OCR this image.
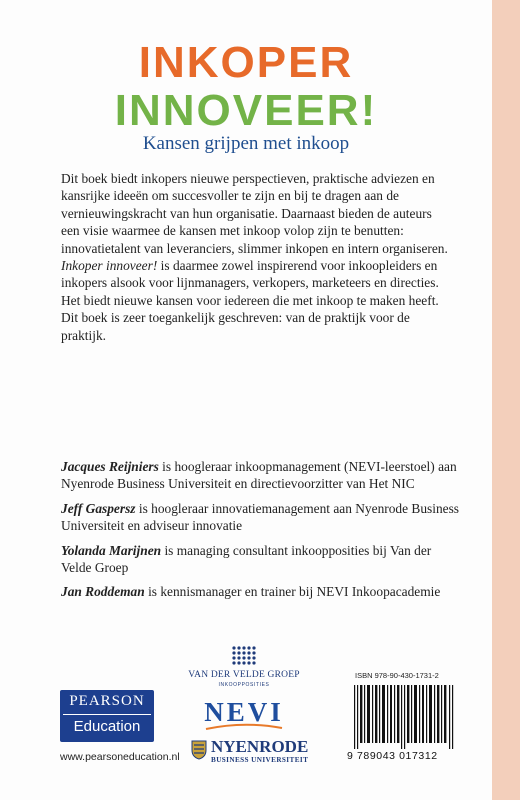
INKOPER
INNOVEER!
Kansen grijpen met inkoop

Dit boek biedt inkopers nieuwe perspectieven, praktische adviezen en kansrijke ideeën om succesvoller te zijn en bij te dragen aan de vernieuwingskracht van hun organisatie. Daarnaast bieden de auteurs een visie waarmee de kansen met inkoop volop zijn te benutten: innovatietalent van leveranciers, slimmer inkopen en intern organiseren.

Inkoper innoveer! is daarmee zowel inspirerend voor inkoopleiders en inkopers alsook voor lijnmanagers, verkopers, marketeers en directies. Het biedt nieuwe kansen voor iedereen die met inkoop te maken heeft. Dit boek is zeer toegankelijk geschreven: van de praktijk voor de praktijk.

Jacques Reijniers is hoogleraar inkoopmanagement (NEVI-leerstoel) aan Nyenrode Business Universiteit en directievoorzitter van Het NIC
Jeff Gaspersz is hoogleraar innovatiemanagement aan Nyenrode Business Universiteit en adviseur innovatie
Yolanda Marijnen is managing consultant inkoopposities bij Van der Velde Groep
Jan Roddeman is kennismanager en trainer bij NEVI Inkoopacademie
PEARSON
Education
www.pearsoneducation.nl
VAN DER VELDE GROEP
INKOOPPOSITIES
NEVI
NYENRODE
BUSINESS UNIVERSITEIT
ISBN 978-90-430-1731-2
9 789043 017312
